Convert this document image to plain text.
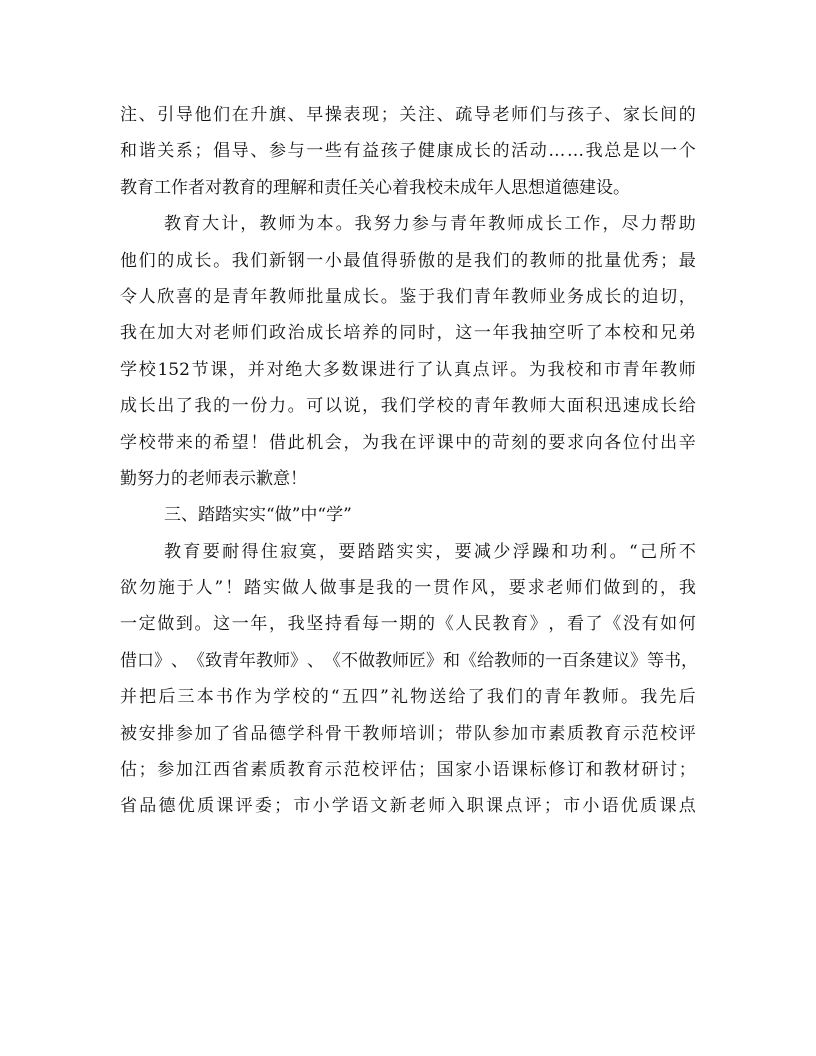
注 、 引 导 他 们 在 升 旗 、 早 操 表 现 ； 关 注 、 疏 导 老 师 们 与 孩 子 、 家 长 间 的
和 谐 关 系 ； 倡 导 、 参 与 一 些 有 益 孩 子 健 康 成 长 的 活 动 … … 我 总 是 以 一 个
教育工作者对教育的理解和责任关心着我校未成年人思想道德建设。
教 育 大 计 ， 教 师 为 本 。 我 努 力 参 与 青 年 教 师 成 长 工 作 ， 尽 力 帮 助
他 们 的 成 长 。 我 们 新 钢 一 小 最 值 得 骄 傲 的 是 我 们 的 教 师 的 批 量 优 秀 ； 最
令 人 欣 喜 的 是 青 年 教 师 批 量 成 长 。 鉴 于 我 们 青 年 教 师 业 务 成 长 的 迫 切 ，
我 在 加 大 对 老 师 们 政 治 成 长 培 养 的 同 时 ， 这 一 年 我 抽 空 听 了 本 校 和 兄 弟
学 校 152 节 课 ， 并 对 绝 大 多 数 课 进 行 了 认 真 点 评 。 为 我 校 和 市 青 年 教 师
成 长 出 了 我 的 一 份 力 。 可 以 说 ， 我 们 学 校 的 青 年 教 师 大 面 积 迅 速 成 长 给
学 校 带 来 的 希 望 ！ 借 此 机 会 ， 为 我 在 评 课 中 的 苛 刻 的 要 求 向 各 位 付 出 辛
勤努力的老师表示歉意！
三、踏踏实实“做”中“学”
教 育 要 耐 得 住 寂 寞 ， 要 踏 踏 实 实 ， 要 减 少 浮 躁 和 功 利 。 “ 己 所 不
欲 勿 施 于 人 ” ！ 踏 实 做 人 做 事 是 我 的 一 贯 作 风 ， 要 求 老 师 们 做 到 的 ， 我
一 定 做 到 。 这 一 年 ， 我 坚 持 看 每 一 期 的 《 人 民 教 育 》 ， 看 了 《 没 有 如 何
借 口 》 、 《 致 青 年 教 师 》 、 《 不 做 教 师 匠 》 和 《 给 教 师 的 一 百 条 建 议 》 等 书 ，
并 把 后 三 本 书 作 为 学 校 的 “ 五 四 ” 礼 物 送 给 了 我 们 的 青 年 教 师 。 我 先 后
被 安 排 参 加 了 省 品 德 学 科 骨 干 教 师 培 训 ； 带 队 参 加 市 素 质 教 育 示 范 校 评
估 ； 参 加 江 西 省 素 质 教 育 示 范 校 评 估 ； 国 家 小 语 课 标 修 订 和 教 材 研 讨 ；
省 品 德 优 质 课 评 委 ； 市 小 学 语 文 新 老 师 入 职 课 点 评 ； 市 小 语 优 质 课 点
